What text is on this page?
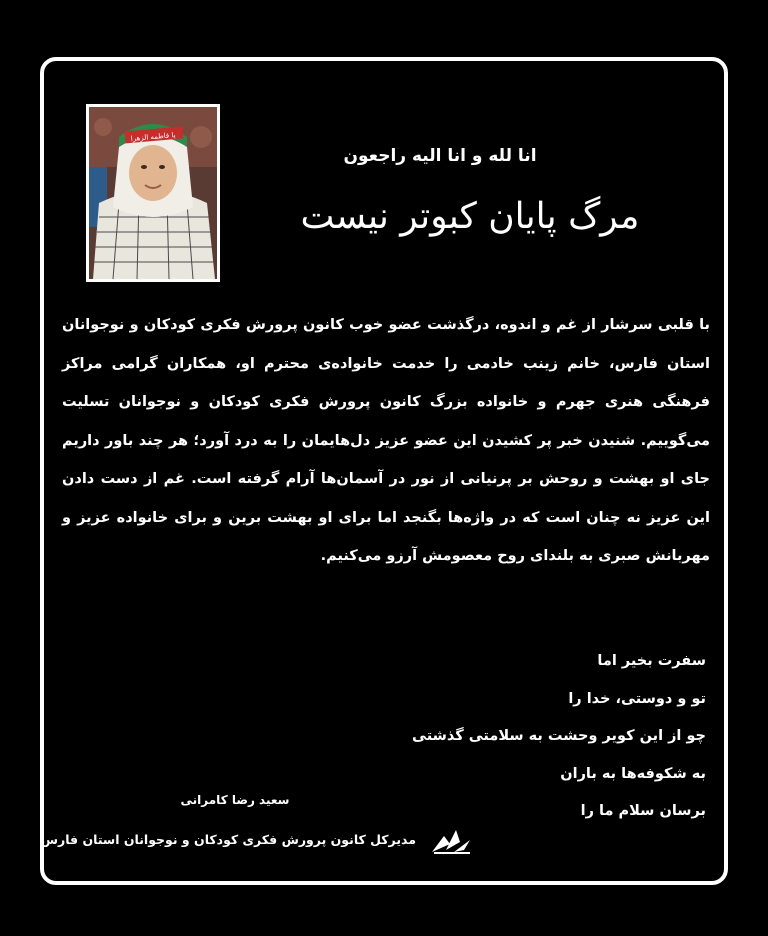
یا فاطمه الزهرا
انا لله و انا الیه راجعون
مرگ پایان کبوتر نیست

با قلبی سرشار از غم و اندوه، درگذشت عضو خوب کانون پرورش فکری کودکان و نوجوانان استان فارس، خانم زینب خادمی را خدمت خانواده‌ی محترم او، همکاران گرامی مراکز فرهنگی هنری جهرم و خانواده بزرگ کانون پرورش فکری کودکان و نوجوانان تسلیت می‌گوییم. شنیدن خبر پر کشیدن این عضو عزیز دل‌هایمان را به درد آورد؛ هر چند باور داریم جای او بهشت و روحش بر پرنیانی از نور در آسمان‌ها آرام گرفته است. غم از دست دادن این عزیز نه چنان است که در واژه‌ها بگنجد اما برای او بهشت برین و برای خانواده عزیز و مهربانش صبری به بلندای روح معصومش آرزو می‌کنیم.

سفرت بخیر اما
تو و دوستی، خدا را
چو از این کویر وحشت به سلامتی گذشتی
به شکوفه‌ها به باران
برسان سلام ما را
سعید رضا کامرانی
مدیرکل کانون پرورش فکری کودکان و نوجوانان استان فارس
